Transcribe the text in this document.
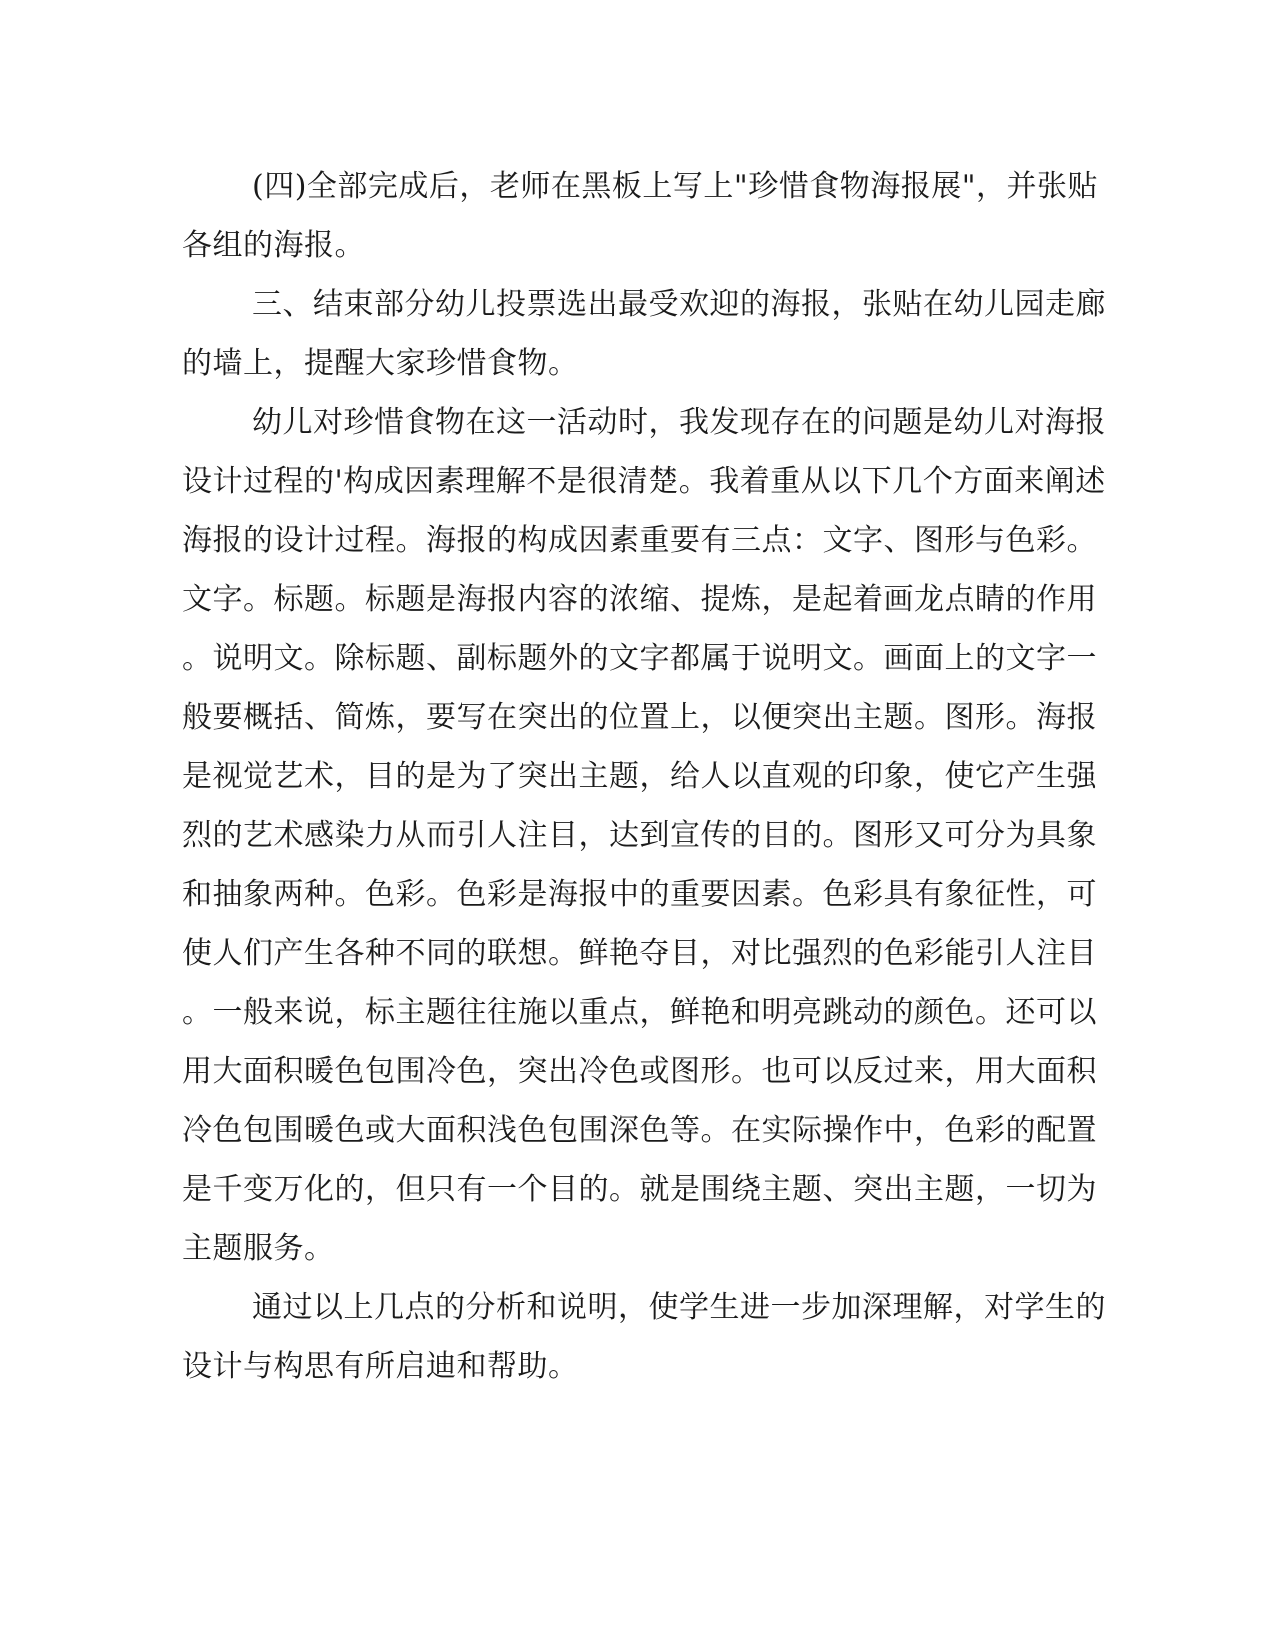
(四)全部完成后，老师在黑板上写上"珍惜食物海报展"，并张贴
各组的海报。
三、结束部分幼儿投票选出最受欢迎的海报，张贴在幼儿园走廊
的墙上，提醒大家珍惜食物。
幼儿对珍惜食物在这一活动时，我发现存在的问题是幼儿对海报
设计过程的'构成因素理解不是很清楚。我着重从以下几个方面来阐述
海报的设计过程。海报的构成因素重要有三点：文字、图形与色彩。
文字。标题。标题是海报内容的浓缩、提炼，是起着画龙点睛的作用
。说明文。除标题、副标题外的文字都属于说明文。画面上的文字一
般要概括、简炼，要写在突出的位置上，以便突出主题。图形。海报
是视觉艺术，目的是为了突出主题，给人以直观的印象，使它产生强
烈的艺术感染力从而引人注目，达到宣传的目的。图形又可分为具象
和抽象两种。色彩。色彩是海报中的重要因素。色彩具有象征性，可
使人们产生各种不同的联想。鲜艳夺目，对比强烈的色彩能引人注目
。一般来说，标主题往往施以重点，鲜艳和明亮跳动的颜色。还可以
用大面积暖色包围冷色，突出冷色或图形。也可以反过来，用大面积
冷色包围暖色或大面积浅色包围深色等。在实际操作中，色彩的配置
是千变万化的，但只有一个目的。就是围绕主题、突出主题，一切为
主题服务。
通过以上几点的分析和说明，使学生进一步加深理解，对学生的
设计与构思有所启迪和帮助。
